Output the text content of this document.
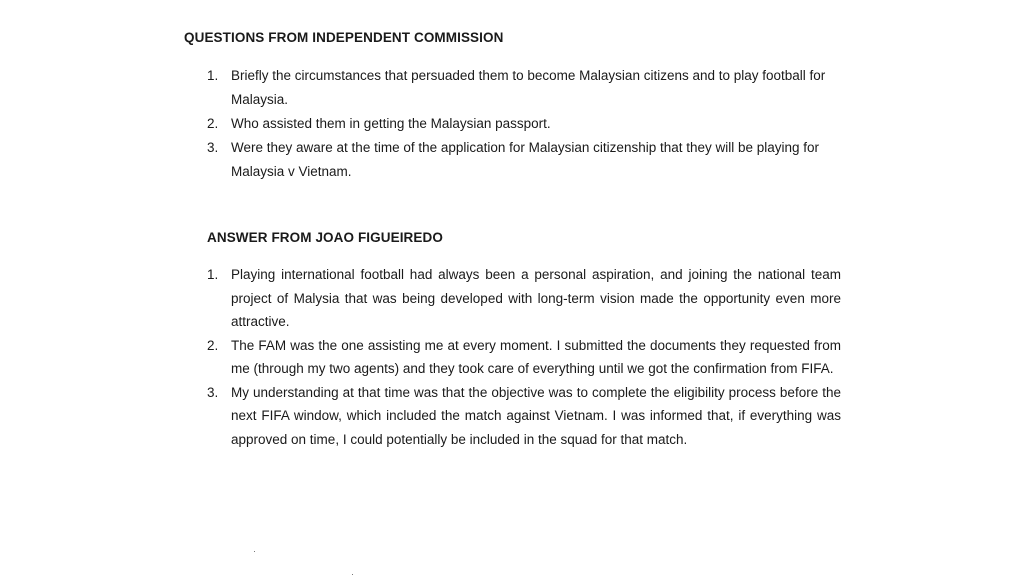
QUESTIONS FROM INDEPENDENT COMMISSION
1. Briefly the circumstances that persuaded them to become Malaysian citizens and to play football for Malaysia.
2. Who assisted them in getting the Malaysian passport.
3. Were they aware at the time of the application for Malaysian citizenship that they will be playing for Malaysia v Vietnam.
ANSWER FROM JOAO FIGUEIREDO
1. Playing international football had always been a personal aspiration, and joining the national team project of Malysia that was being developed with long-term vision made the opportunity even more attractive.
2. The FAM was the one assisting me at every moment. I submitted the documents they requested from me (through my two agents) and they took care of everything until we got the confirmation from FIFA.
3. My understanding at that time was that the objective was to complete the eligibility process before the next FIFA window, which included the match against Vietnam. I was informed that, if everything was approved on time, I could potentially be included in the squad for that match.
